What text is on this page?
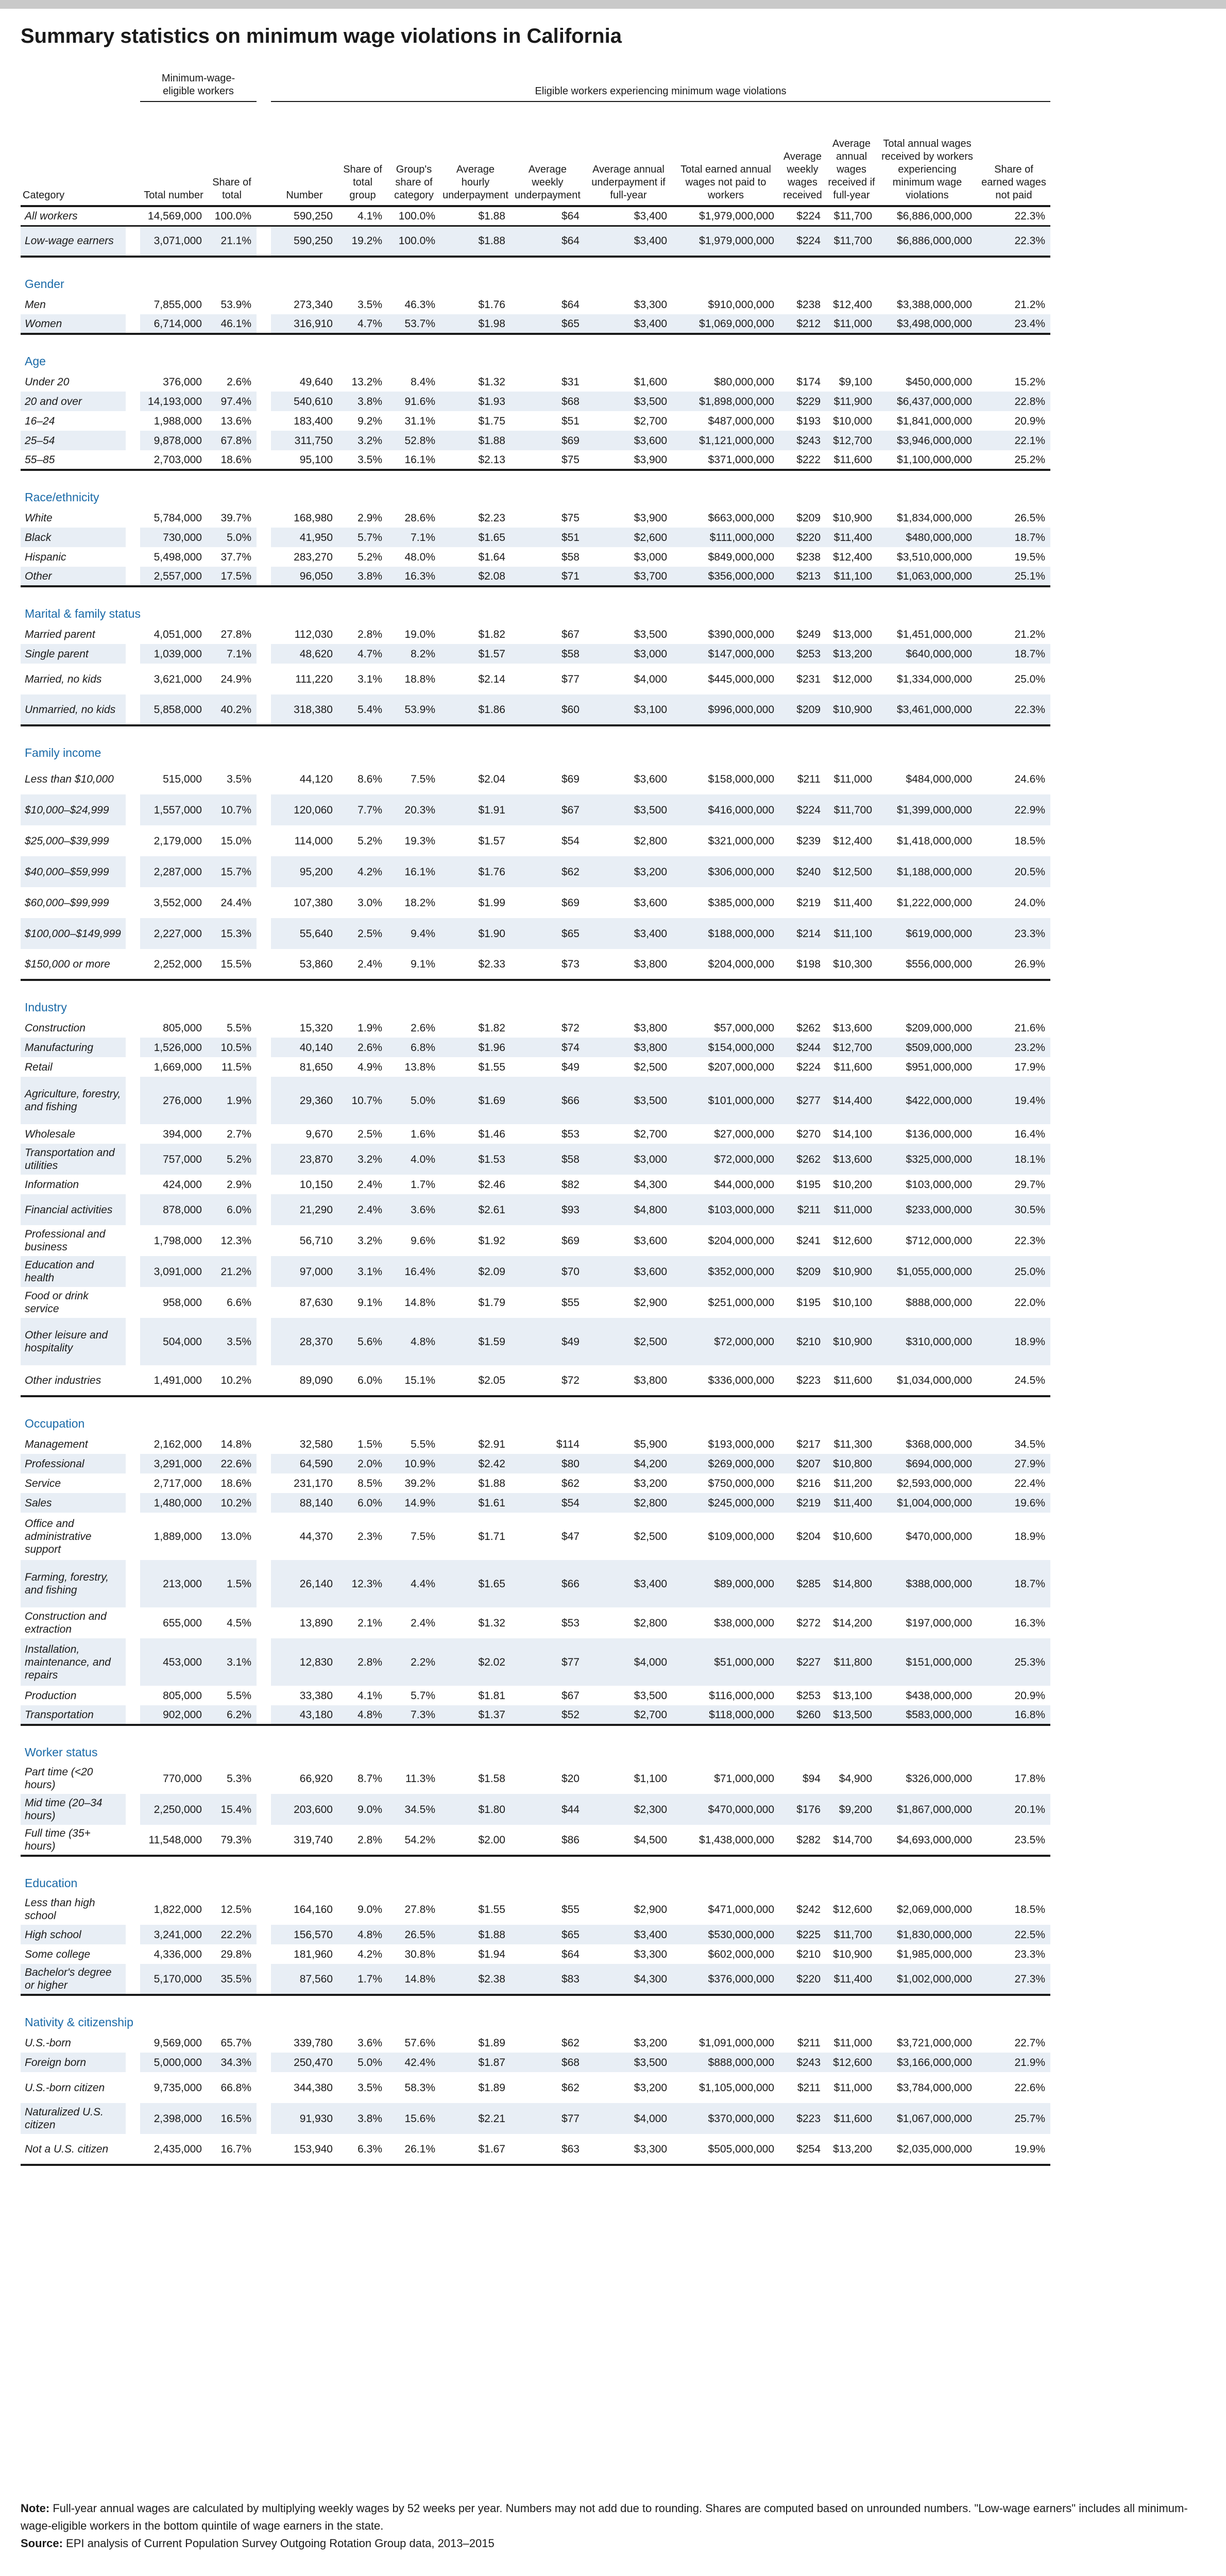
Summary statistics on minimum wage violations in California
		Minimum-wage-eligible workers			Eligible workers experiencing minimum wage violations										
Category		Total number	Share of total		Number	Share of total group	Group's share of category	Average hourly underpayment	Average weekly underpayment	Average annual underpayment if full-year	Total earned annual wages not paid to workers	Average weekly wages received	Average annual wages received if full-year	Total annual wages received by workers experiencing minimum wage violations	Share of earned wages not paid
All workers		14,569,000	100.0%		590,250	4.1%	100.0%	$1.88	$64	$3,400	$1,979,000,000	$224	$11,700	$6,886,000,000	22.3%
Low-wage earners		3,071,000	21.1%		590,250	19.2%	100.0%	$1.88	$64	$3,400	$1,979,000,000	$224	$11,700	$6,886,000,000	22.3%
Gender															
Men		7,855,000	53.9%		273,340	3.5%	46.3%	$1.76	$64	$3,300	$910,000,000	$238	$12,400	$3,388,000,000	21.2%
Women		6,714,000	46.1%		316,910	4.7%	53.7%	$1.98	$65	$3,400	$1,069,000,000	$212	$11,000	$3,498,000,000	23.4%
Age															
Under 20		376,000	2.6%		49,640	13.2%	8.4%	$1.32	$31	$1,600	$80,000,000	$174	$9,100	$450,000,000	15.2%
20 and over		14,193,000	97.4%		540,610	3.8%	91.6%	$1.93	$68	$3,500	$1,898,000,000	$229	$11,900	$6,437,000,000	22.8%
16–24		1,988,000	13.6%		183,400	9.2%	31.1%	$1.75	$51	$2,700	$487,000,000	$193	$10,000	$1,841,000,000	20.9%
25–54		9,878,000	67.8%		311,750	3.2%	52.8%	$1.88	$69	$3,600	$1,121,000,000	$243	$12,700	$3,946,000,000	22.1%
55–85		2,703,000	18.6%		95,100	3.5%	16.1%	$2.13	$75	$3,900	$371,000,000	$222	$11,600	$1,100,000,000	25.2%
Race/ethnicity															
White		5,784,000	39.7%		168,980	2.9%	28.6%	$2.23	$75	$3,900	$663,000,000	$209	$10,900	$1,834,000,000	26.5%
Black		730,000	5.0%		41,950	5.7%	7.1%	$1.65	$51	$2,600	$111,000,000	$220	$11,400	$480,000,000	18.7%
Hispanic		5,498,000	37.7%		283,270	5.2%	48.0%	$1.64	$58	$3,000	$849,000,000	$238	$12,400	$3,510,000,000	19.5%
Other		2,557,000	17.5%		96,050	3.8%	16.3%	$2.08	$71	$3,700	$356,000,000	$213	$11,100	$1,063,000,000	25.1%
Marital & family status															
Married parent		4,051,000	27.8%		112,030	2.8%	19.0%	$1.82	$67	$3,500	$390,000,000	$249	$13,000	$1,451,000,000	21.2%
Single parent		1,039,000	7.1%		48,620	4.7%	8.2%	$1.57	$58	$3,000	$147,000,000	$253	$13,200	$640,000,000	18.7%
Married, no kids		3,621,000	24.9%		111,220	3.1%	18.8%	$2.14	$77	$4,000	$445,000,000	$231	$12,000	$1,334,000,000	25.0%
Unmarried, no kids		5,858,000	40.2%		318,380	5.4%	53.9%	$1.86	$60	$3,100	$996,000,000	$209	$10,900	$3,461,000,000	22.3%
Family income															
Less than $10,000		515,000	3.5%		44,120	8.6%	7.5%	$2.04	$69	$3,600	$158,000,000	$211	$11,000	$484,000,000	24.6%
$10,000–$24,999		1,557,000	10.7%		120,060	7.7%	20.3%	$1.91	$67	$3,500	$416,000,000	$224	$11,700	$1,399,000,000	22.9%
$25,000–$39,999		2,179,000	15.0%		114,000	5.2%	19.3%	$1.57	$54	$2,800	$321,000,000	$239	$12,400	$1,418,000,000	18.5%
$40,000–$59,999		2,287,000	15.7%		95,200	4.2%	16.1%	$1.76	$62	$3,200	$306,000,000	$240	$12,500	$1,188,000,000	20.5%
$60,000–$99,999		3,552,000	24.4%		107,380	3.0%	18.2%	$1.99	$69	$3,600	$385,000,000	$219	$11,400	$1,222,000,000	24.0%
$100,000–$149,999		2,227,000	15.3%		55,640	2.5%	9.4%	$1.90	$65	$3,400	$188,000,000	$214	$11,100	$619,000,000	23.3%
$150,000 or more		2,252,000	15.5%		53,860	2.4%	9.1%	$2.33	$73	$3,800	$204,000,000	$198	$10,300	$556,000,000	26.9%
Industry															
Construction		805,000	5.5%		15,320	1.9%	2.6%	$1.82	$72	$3,800	$57,000,000	$262	$13,600	$209,000,000	21.6%
Manufacturing		1,526,000	10.5%		40,140	2.6%	6.8%	$1.96	$74	$3,800	$154,000,000	$244	$12,700	$509,000,000	23.2%
Retail		1,669,000	11.5%		81,650	4.9%	13.8%	$1.55	$49	$2,500	$207,000,000	$224	$11,600	$951,000,000	17.9%
Agriculture, forestry, and fishing		276,000	1.9%		29,360	10.7%	5.0%	$1.69	$66	$3,500	$101,000,000	$277	$14,400	$422,000,000	19.4%
Wholesale		394,000	2.7%		9,670	2.5%	1.6%	$1.46	$53	$2,700	$27,000,000	$270	$14,100	$136,000,000	16.4%
Transportation and utilities		757,000	5.2%		23,870	3.2%	4.0%	$1.53	$58	$3,000	$72,000,000	$262	$13,600	$325,000,000	18.1%
Information		424,000	2.9%		10,150	2.4%	1.7%	$2.46	$82	$4,300	$44,000,000	$195	$10,200	$103,000,000	29.7%
Financial activities		878,000	6.0%		21,290	2.4%	3.6%	$2.61	$93	$4,800	$103,000,000	$211	$11,000	$233,000,000	30.5%
Professional and business		1,798,000	12.3%		56,710	3.2%	9.6%	$1.92	$69	$3,600	$204,000,000	$241	$12,600	$712,000,000	22.3%
Education and health		3,091,000	21.2%		97,000	3.1%	16.4%	$2.09	$70	$3,600	$352,000,000	$209	$10,900	$1,055,000,000	25.0%
Food or drink service		958,000	6.6%		87,630	9.1%	14.8%	$1.79	$55	$2,900	$251,000,000	$195	$10,100	$888,000,000	22.0%
Other leisure and hospitality		504,000	3.5%		28,370	5.6%	4.8%	$1.59	$49	$2,500	$72,000,000	$210	$10,900	$310,000,000	18.9%
Other industries		1,491,000	10.2%		89,090	6.0%	15.1%	$2.05	$72	$3,800	$336,000,000	$223	$11,600	$1,034,000,000	24.5%
Occupation															
Management		2,162,000	14.8%		32,580	1.5%	5.5%	$2.91	$114	$5,900	$193,000,000	$217	$11,300	$368,000,000	34.5%
Professional		3,291,000	22.6%		64,590	2.0%	10.9%	$2.42	$80	$4,200	$269,000,000	$207	$10,800	$694,000,000	27.9%
Service		2,717,000	18.6%		231,170	8.5%	39.2%	$1.88	$62	$3,200	$750,000,000	$216	$11,200	$2,593,000,000	22.4%
Sales		1,480,000	10.2%		88,140	6.0%	14.9%	$1.61	$54	$2,800	$245,000,000	$219	$11,400	$1,004,000,000	19.6%
Office and administrative support		1,889,000	13.0%		44,370	2.3%	7.5%	$1.71	$47	$2,500	$109,000,000	$204	$10,600	$470,000,000	18.9%
Farming, forestry, and fishing		213,000	1.5%		26,140	12.3%	4.4%	$1.65	$66	$3,400	$89,000,000	$285	$14,800	$388,000,000	18.7%
Construction and extraction		655,000	4.5%		13,890	2.1%	2.4%	$1.32	$53	$2,800	$38,000,000	$272	$14,200	$197,000,000	16.3%
Installation, maintenance, and repairs		453,000	3.1%		12,830	2.8%	2.2%	$2.02	$77	$4,000	$51,000,000	$227	$11,800	$151,000,000	25.3%
Production		805,000	5.5%		33,380	4.1%	5.7%	$1.81	$67	$3,500	$116,000,000	$253	$13,100	$438,000,000	20.9%
Transportation		902,000	6.2%		43,180	4.8%	7.3%	$1.37	$52	$2,700	$118,000,000	$260	$13,500	$583,000,000	16.8%
Worker status															
Part time (<20 hours)		770,000	5.3%		66,920	8.7%	11.3%	$1.58	$20	$1,100	$71,000,000	$94	$4,900	$326,000,000	17.8%
Mid time (20–34 hours)		2,250,000	15.4%		203,600	9.0%	34.5%	$1.80	$44	$2,300	$470,000,000	$176	$9,200	$1,867,000,000	20.1%
Full time (35+ hours)		11,548,000	79.3%		319,740	2.8%	54.2%	$2.00	$86	$4,500	$1,438,000,000	$282	$14,700	$4,693,000,000	23.5%
Education															
Less than high school		1,822,000	12.5%		164,160	9.0%	27.8%	$1.55	$55	$2,900	$471,000,000	$242	$12,600	$2,069,000,000	18.5%
High school		3,241,000	22.2%		156,570	4.8%	26.5%	$1.88	$65	$3,400	$530,000,000	$225	$11,700	$1,830,000,000	22.5%
Some college		4,336,000	29.8%		181,960	4.2%	30.8%	$1.94	$64	$3,300	$602,000,000	$210	$10,900	$1,985,000,000	23.3%
Bachelor's degree or higher		5,170,000	35.5%		87,560	1.7%	14.8%	$2.38	$83	$4,300	$376,000,000	$220	$11,400	$1,002,000,000	27.3%
Nativity & citizenship															
U.S.-born		9,569,000	65.7%		339,780	3.6%	57.6%	$1.89	$62	$3,200	$1,091,000,000	$211	$11,000	$3,721,000,000	22.7%
Foreign born		5,000,000	34.3%		250,470	5.0%	42.4%	$1.87	$68	$3,500	$888,000,000	$243	$12,600	$3,166,000,000	21.9%
U.S.-born citizen		9,735,000	66.8%		344,380	3.5%	58.3%	$1.89	$62	$3,200	$1,105,000,000	$211	$11,000	$3,784,000,000	22.6%
Naturalized U.S. citizen		2,398,000	16.5%		91,930	3.8%	15.6%	$2.21	$77	$4,000	$370,000,000	$223	$11,600	$1,067,000,000	25.7%
Not a U.S. citizen		2,435,000	16.7%		153,940	6.3%	26.1%	$1.67	$63	$3,300	$505,000,000	$254	$13,200	$2,035,000,000	19.9%
Note: Full-year annual wages are calculated by multiplying weekly wages by 52 weeks per year. Numbers may not add due to rounding. Shares are computed based on unrounded numbers. "Low-wage earners" includes all minimum-wage-eligible workers in the bottom quintile of wage earners in the state.
Source: EPI analysis of Current Population Survey Outgoing Rotation Group data, 2013–2015
